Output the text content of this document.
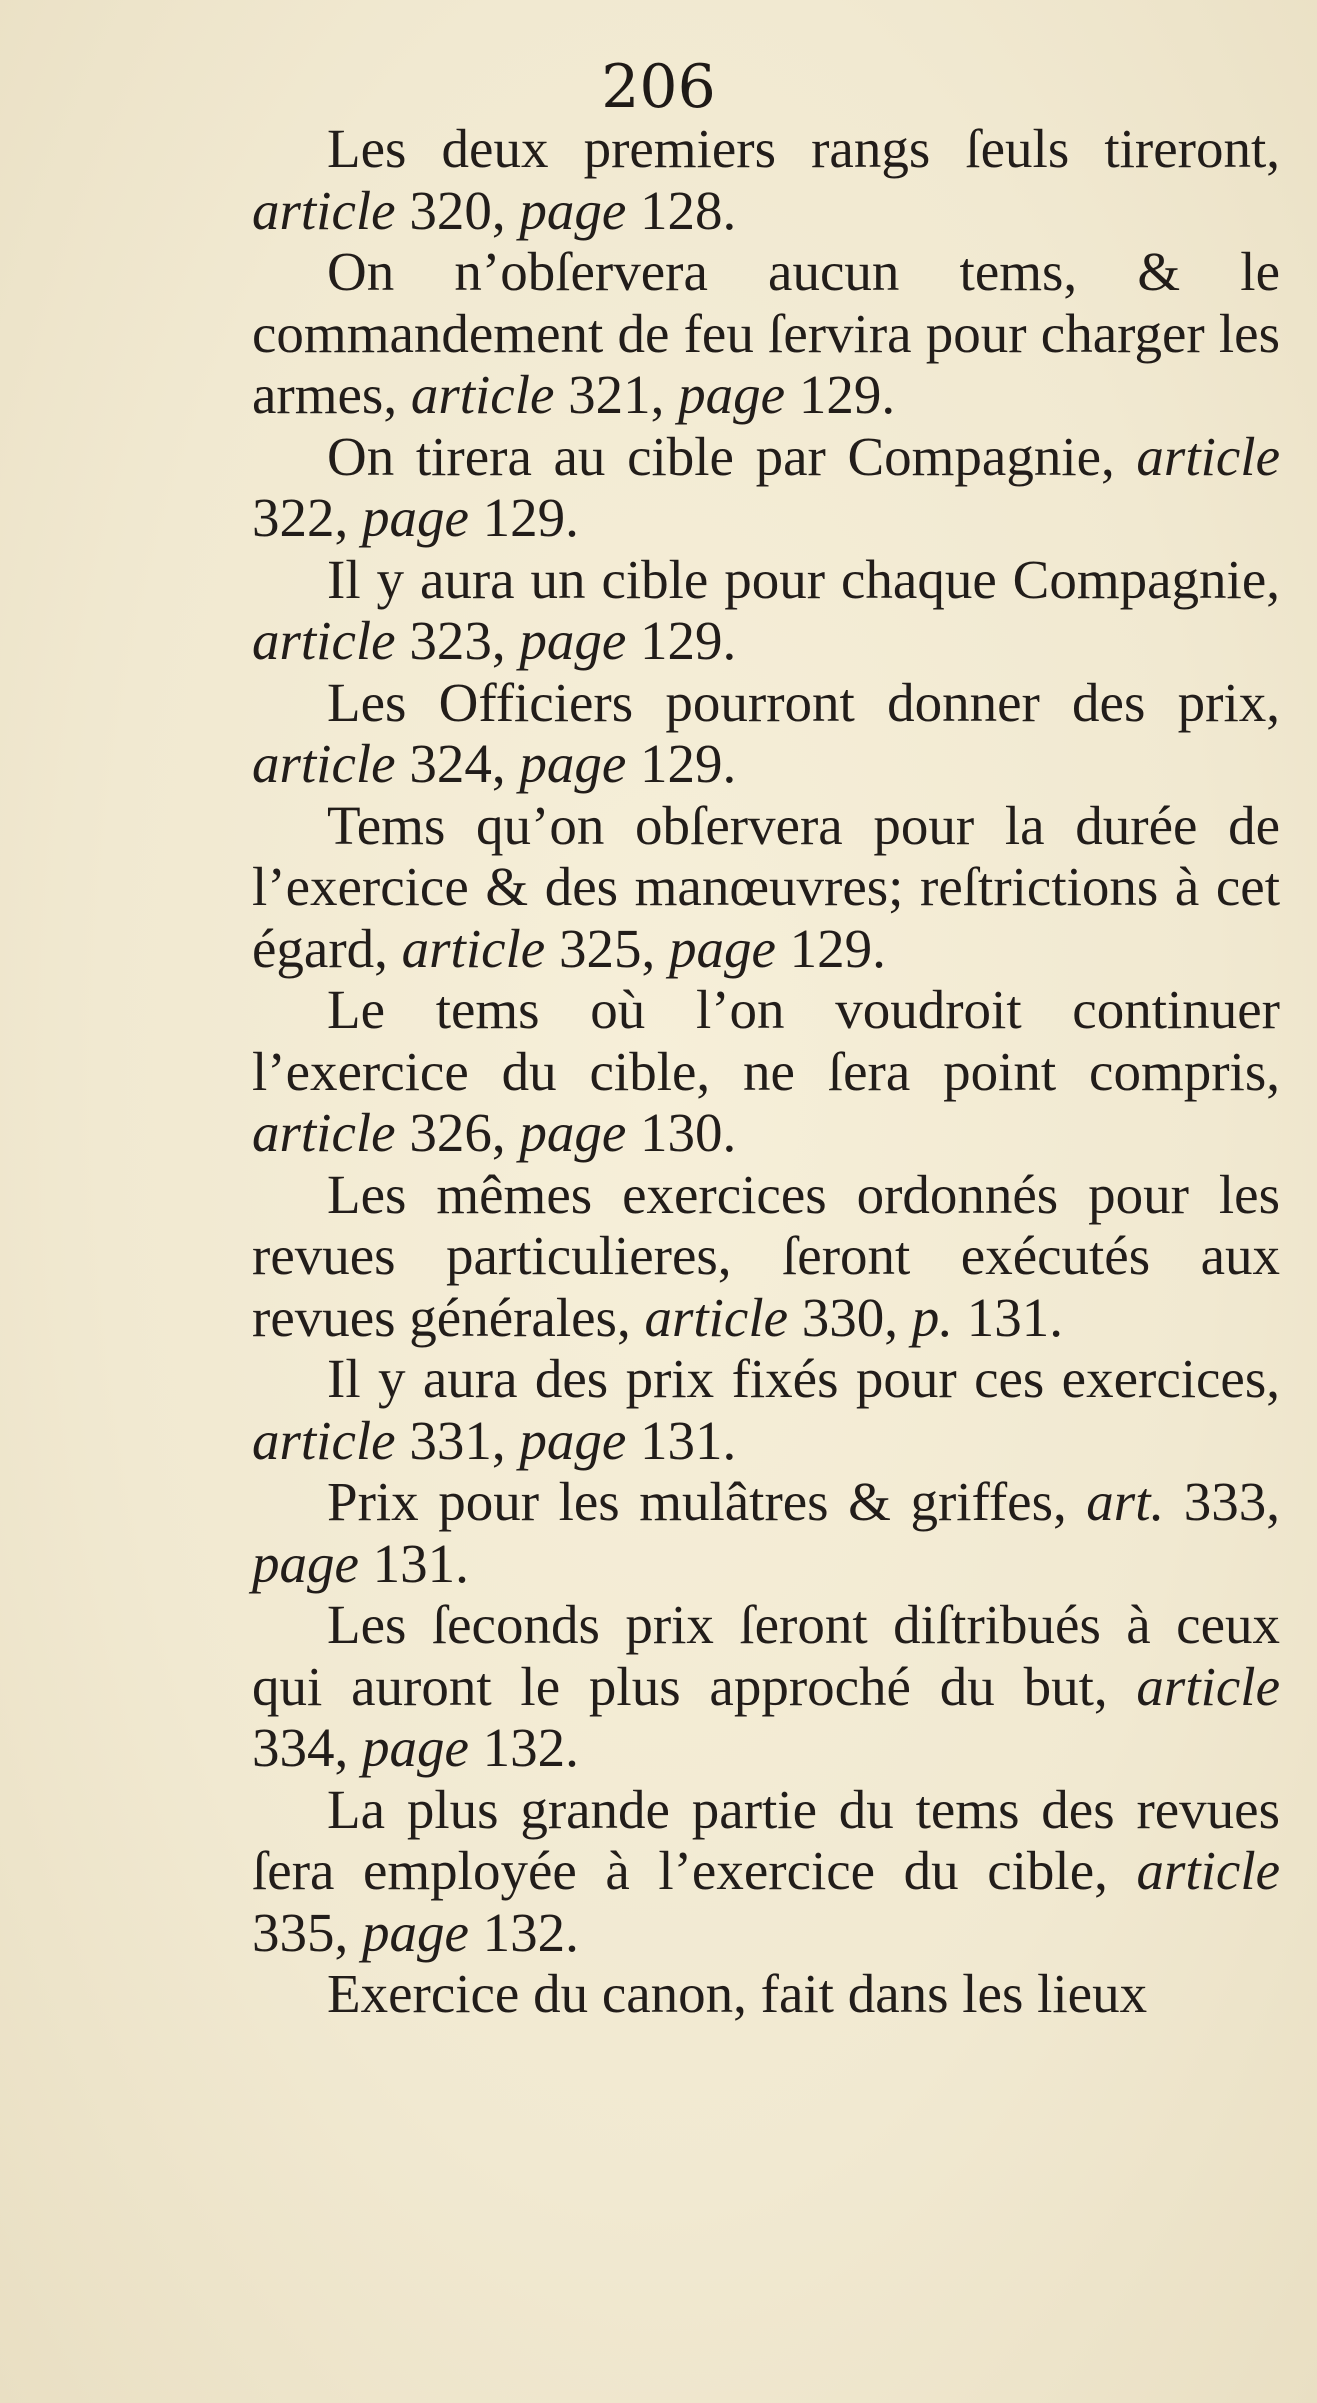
206

Les deux premiers rangs ſeuls tireront, article 320, page 128.

On n’obſervera aucun tems, & le commandement de feu ſervira pour charger les armes, article 321, page 129.

On tirera au cible par Compagnie, article 322, page 129.

Il y aura un cible pour chaque Compagnie, article 323, page 129.

Les Officiers pourront donner des prix, article 324, page 129.

Tems qu’on obſervera pour la durée de l’exercice & des manœuvres; reſtrictions à cet égard, article 325, page 129.

Le tems où l’on voudroit continuer l’exercice du cible, ne ſera point compris, article 326, page 130.

Les mêmes exercices ordonnés pour les revues particulieres, ſeront exécutés aux revues générales, article 330, p. 131.

Il y aura des prix fixés pour ces exercices, article 331, page 131.

Prix pour les mulâtres & griffes, art. 333, page 131.

Les ſeconds prix ſeront diſtribués à ceux qui auront le plus approché du but, article 334, page 132.

La plus grande partie du tems des revues ſera employée à l’exercice du cible, article 335, page 132.

Exercice du canon, fait dans les lieux
